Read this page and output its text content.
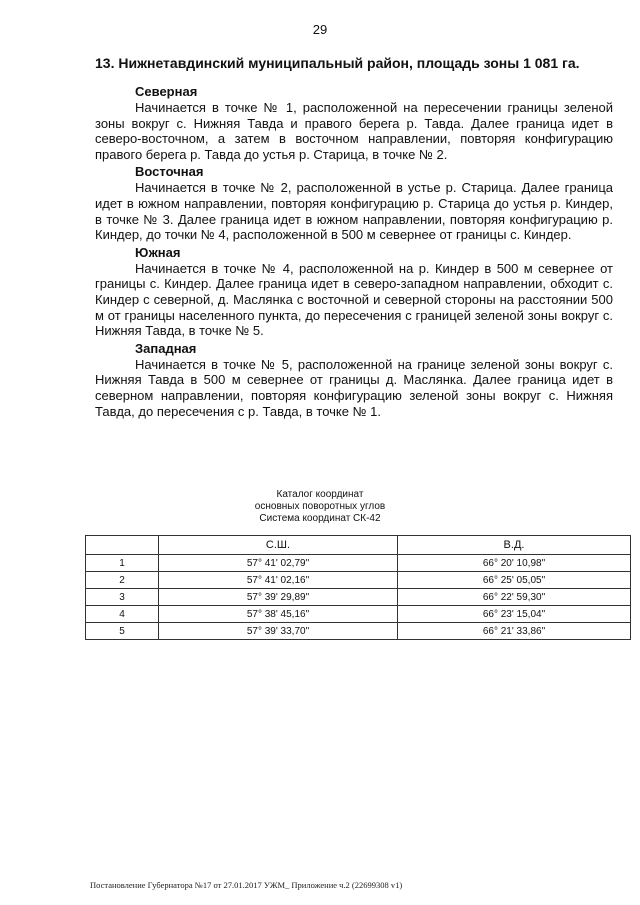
29
13. Нижнетавдинский муниципальный район, площадь зоны 1 081 га.
Северная

Начинается в точке № 1, расположенной на пересечении границы зеленой зоны вокруг с. Нижняя Тавда и правого берега р. Тавда. Далее граница идет в северо-восточном, а затем в восточном направлении, повторяя конфигурацию правого берега р. Тавда до устья р. Старица, в точке № 2.

Восточная

Начинается в точке № 2, расположенной в устье р. Старица. Далее граница идет в южном направлении, повторяя конфигурацию р. Старица до устья р. Киндер, в точке № 3. Далее граница идет в южном направлении, повторяя конфигурацию р. Киндер, до точки № 4, расположенной в 500 м севернее от границы с. Киндер.

Южная

Начинается в точке № 4, расположенной на р. Киндер в 500 м севернее от границы с. Киндер. Далее граница идет в северо-западном направлении, обходит с. Киндер с северной, д. Маслянка с восточной и северной стороны на расстоянии 500 м от границы населенного пункта, до пересечения с границей зеленой зоны вокруг с. Нижняя Тавда, в точке № 5.

Западная

Начинается в точке № 5, расположенной на границе зеленой зоны вокруг с. Нижняя Тавда в 500 м севернее от границы д. Маслянка. Далее граница идет в северном направлении, повторяя конфигурацию зеленой зоны вокруг с. Нижняя Тавда, до пересечения с р. Тавда, в точке № 1.

Каталог координат
основных поворотных углов
Система координат СК-42
	С.Ш.	В.Д.
1	57° 41' 02,79"	66° 20' 10,98"
2	57° 41' 02,16"	66° 25' 05,05"
3	57° 39' 29,89"	66° 22' 59,30"
4	57° 38' 45,16"	66° 23' 15,04"
5	57° 39' 33,70"	66° 21' 33,86"
Постановление Губернатора №17 от 27.01.2017 УЖМ_ Приложение ч.2 (22699308 v1)
